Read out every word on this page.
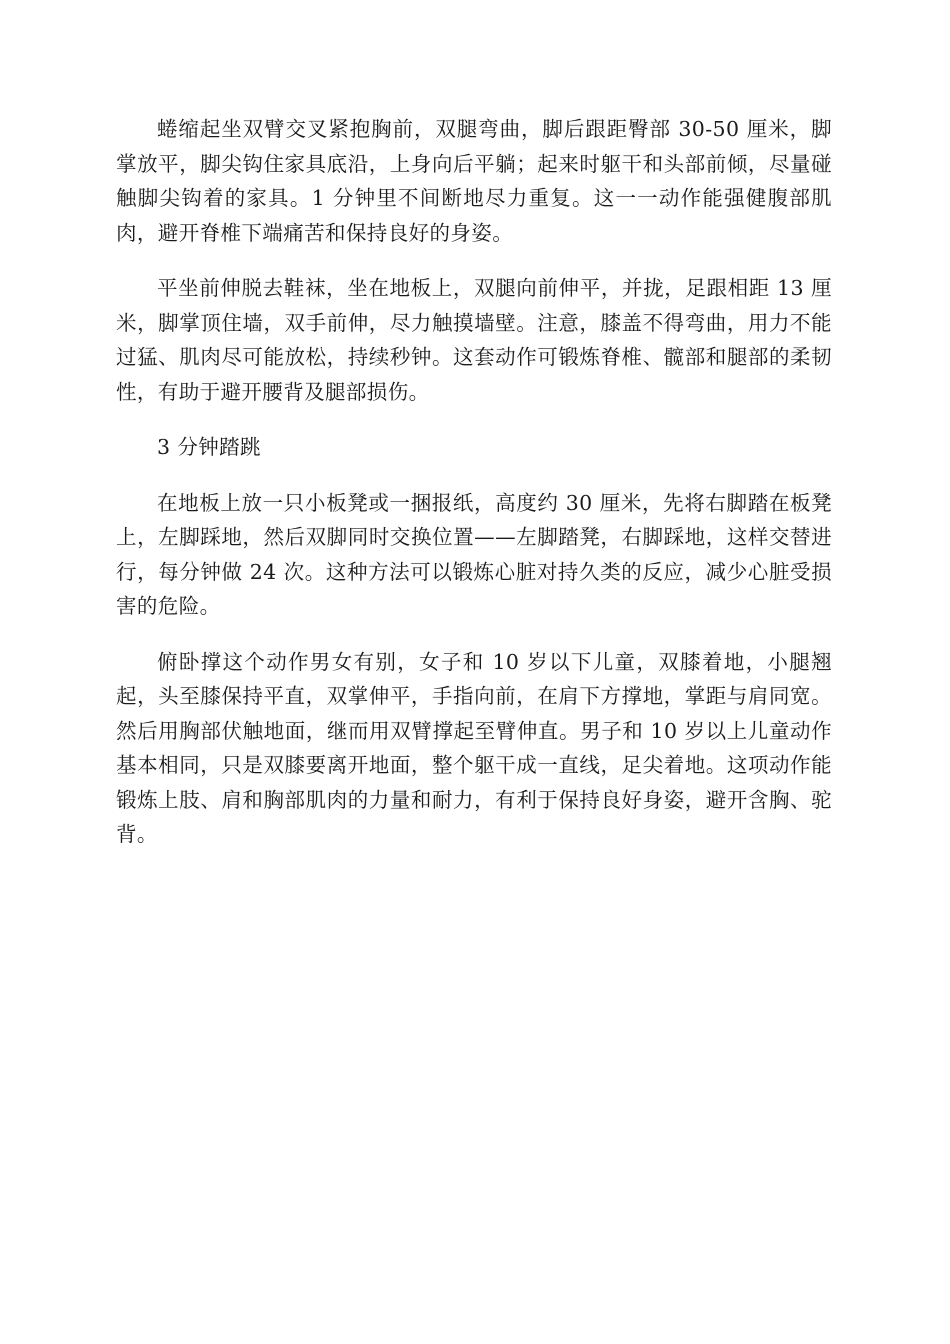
蜷缩起坐双臂交叉紧抱胸前，双腿弯曲，脚后跟距臀部 30-50 厘米，脚掌放平，脚尖钩住家具底沿，上身向后平躺；起来时躯干和头部前倾，尽量碰触脚尖钩着的家具。1 分钟里不间断地尽力重复。这一一动作能强健腹部肌肉，避开脊椎下端痛苦和保持良好的身姿。

平坐前伸脱去鞋袜，坐在地板上，双腿向前伸平，并拢，足跟相距 13 厘米，脚掌顶住墙，双手前伸，尽力触摸墙壁。注意，膝盖不得弯曲，用力不能过猛、肌肉尽可能放松，持续秒钟。这套动作可锻炼脊椎、髋部和腿部的柔韧性，有助于避开腰背及腿部损伤。

3 分钟踏跳

在地板上放一只小板凳或一捆报纸，高度约 30 厘米，先将右脚踏在板凳上，左脚踩地，然后双脚同时交换位置——左脚踏凳，右脚踩地，这样交替进行，每分钟做 24 次。这种方法可以锻炼心脏对持久类的反应，减少心脏受损害的危险。

俯卧撑这个动作男女有别，女子和 10 岁以下儿童，双膝着地，小腿翘起，头至膝保持平直，双掌伸平，手指向前，在肩下方撑地，掌距与肩同宽。然后用胸部伏触地面，继而用双臂撑起至臂伸直。男子和 10 岁以上儿童动作基本相同，只是双膝要离开地面，整个躯干成一直线，足尖着地。这项动作能锻炼上肢、肩和胸部肌肉的力量和耐力，有利于保持良好身姿，避开含胸、驼背。
